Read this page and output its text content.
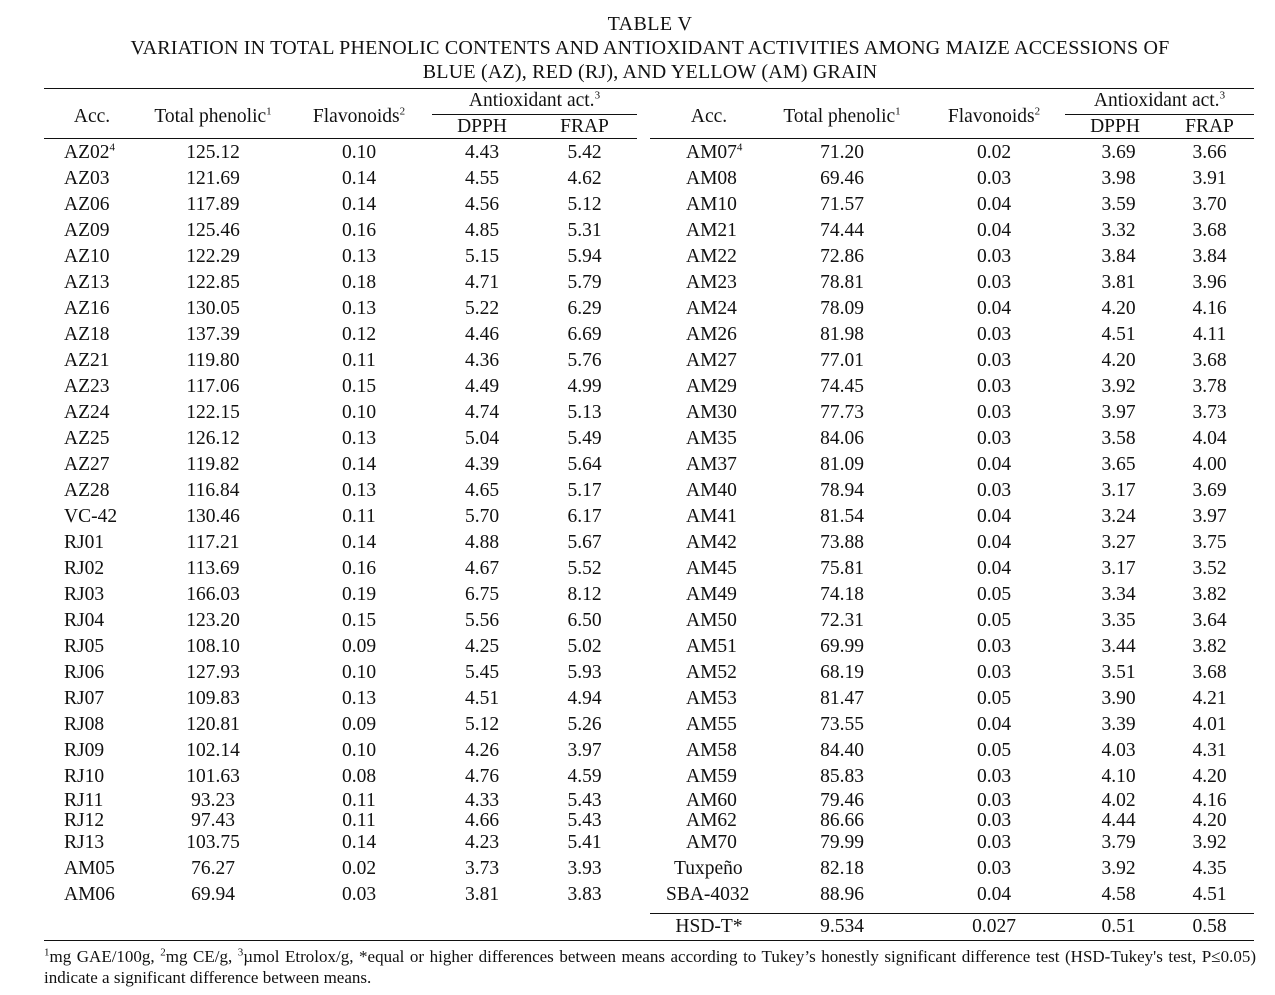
TABLE V
VARIATION IN TOTAL PHENOLIC CONTENTS AND ANTIOXIDANT ACTIVITIES AMONG MAIZE ACCESSIONS OF
BLUE (AZ), RED (RJ), AND YELLOW (AM) GRAIN
Acc.	Total phenolic$^1$	Flavonoids$^2$
Antioxidant act.$^3$
DPPH	FRAP	Acc.	Total phenolic$^1$	Flavonoids$^2$
Antioxidant act.$^3$
DPPH	FRAP
$AZ02^4$	125.12	0.10	4.43	5.42
AZ03	121.69	0.14	4.55	4.62
AZ06	117.89	0.14	4.56	5.12
AZ09	125.46	0.16	4.85	5.31
AZ10	122.29	0.13	5.15	5.94
AZ13	122.85	0.18	4.71	5.79
AZ16	130.05	0.13	5.22	6.29
AZ18	137.39	0.12	4.46	6.69
AZ21	119.80	0.11	4.36	5.76
AZ23	117.06	0.15	4.49	4.99
AZ24	122.15	0.10	4.74	5.13
AZ25	126.12	0.13	5.04	5.49
AZ27	119.82	0.14	4.39	5.64
AZ28	116.84	0.13	4.65	5.17
VC-42	130.46	0.11	5.70	6.17
RJ01	117.21	0.14	4.88	5.67
RJ02	113.69	0.16	4.67	5.52
RJ03	166.03	0.19	6.75	8.12
RJ04	123.20	0.15	5.56	6.50
RJ05	108.10	0.09	4.25	5.02
RJ06	127.93	0.10	5.45	5.93
RJ07	109.83	0.13	4.51	4.94
RJ08	120.81	0.09	5.12	5.26
RJ09	102.14	0.10	4.26	3.97
RJ10	101.63	0.08	4.76	4.59
RJ11	93.23	0.11	4.33	5.43
RJ12	97.43	0.11	4.66	5.43
RJ13	103.75	0.14	4.23	5.41
AM05	76.27	0.02	3.73	3.93
AM06	69.94	0.03	3.81	3.83
$AM07^4$	71.20	0.02	3.69	3.66
AM08	69.46	0.03	3.98	3.91
AM10	71.57	0.04	3.59	3.70
AM21	74.44	0.04	3.32	3.68
AM22	72.86	0.03	3.84	3.84
AM23	78.81	0.03	3.81	3.96
AM24	78.09	0.04	4.20	4.16
AM26	81.98	0.03	4.51	4.11
AM27	77.01	0.03	4.20	3.68
AM29	74.45	0.03	3.92	3.78
AM30	77.73	0.03	3.97	3.73
AM35	84.06	0.03	3.58	4.04
AM37	81.09	0.04	3.65	4.00
AM40	78.94	0.03	3.17	3.69
AM41	81.54	0.04	3.24	3.97
AM42	73.88	0.04	3.27	3.75
AM45	75.81	0.04	3.17	3.52
AM49	74.18	0.05	3.34	3.82
AM50	72.31	0.05	3.35	3.64
AM51	69.99	0.03	3.44	3.82
AM52	68.19	0.03	3.51	3.68
AM53	81.47	0.05	3.90	4.21
AM55	73.55	0.04	3.39	4.01
AM58	84.40	0.05	4.03	4.31
AM59	85.83	0.03	4.10	4.20
AM60	79.46	0.03	4.02	4.16
AM62	86.66	0.03	4.44	4.20
AM70	79.99	0.03	3.79	3.92
Tuxpeño	82.18	0.03	3.92	4.35
SBA-4032	88.96	0.04	4.58	4.51
HSD-T*	9.534	0.027	0.51	0.58
$^1$mg GAE/100g, $^2$mg CE/g, $^3$µmol Etrolox/g, *equal or higher differences between means according to Tukey’s honestly significant difference test (HSD-Tukey's test, P≤0.05) indicate a significant difference between means.
